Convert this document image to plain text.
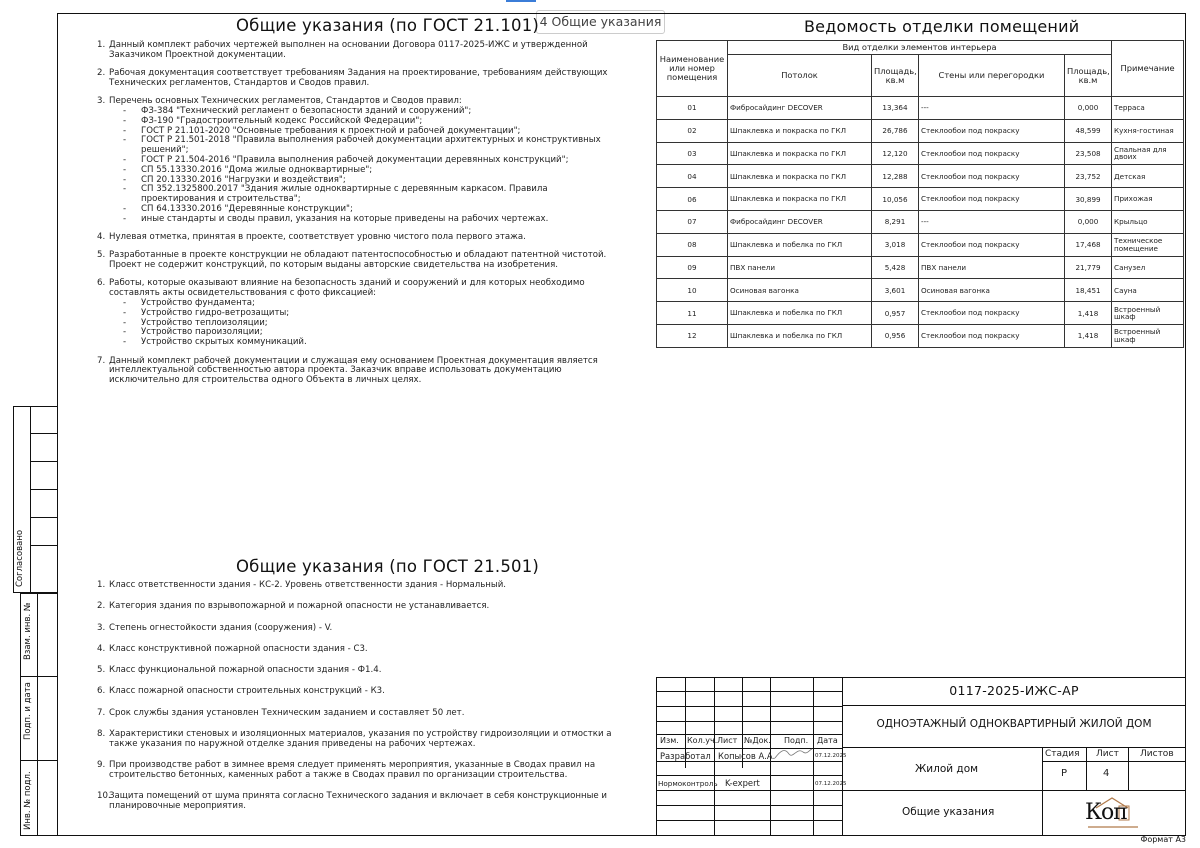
4 Общие указания
Общие указания (по ГОСТ 21.101)
1. Данный комплект рабочих чертежей выполнен на основании Договора 0117-2025-ИЖС и утвержденной Заказчиком Проектной документации.
2. Рабочая документация соответствует требованиям Задания на проектирование, требованиям действующих Технических регламентов, Стандартов и Сводов правил.
3. Перечень основных Технических регламентов, Стандартов и Сводов правил:
- ФЗ-384 "Технический регламент о безопасности зданий и сооружений";
- ФЗ-190 "Градостроительный кодекс Российской Федерации";
- ГОСТ Р 21.101-2020 "Основные требования к проектной и рабочей документации";
- ГОСТ Р 21.501-2018 "Правила выполнения рабочей документации архитектурных и конструктивных решений";
- ГОСТ Р 21.504-2016 "Правила выполнения рабочей документации деревянных конструкций";
- СП 55.13330.2016 "Дома жилые одноквартирные";
- СП 20.13330.2016 "Нагрузки и воздействия";
- СП 352.1325800.2017 "Здания жилые одноквартирные с деревянным каркасом. Правила проектирования и строительства";
- СП 64.13330.2016 "Деревянные конструкции";
- иные стандарты и своды правил, указания на которые приведены на рабочих чертежах.
4. Нулевая отметка, принятая в проекте, соответствует уровню чистого пола первого этажа.
5. Разработанные в проекте конструкции не обладают патентоспособностью и обладают патентной чистотой. Проект не содержит конструкций, по которым выданы авторские свидетельства на изобретения.
6. Работы, которые оказывают влияние на безопасность зданий и сооружений и для которых необходимо составлять акты освидетельствования с фото фиксацией:
- Устройство фундамента;
- Устройство гидро-ветрозащиты;
- Устройство теплоизоляции;
- Устройство пароизоляции;
- Устройство скрытых коммуникаций.
7. Данный комплект рабочей документации и служащая ему основанием Проектная документация является интеллектуальной собственностью автора проекта. Заказчик вправе использовать документацию исключительно для строительства одного Объекта в личных целях.
Общие указания (по ГОСТ 21.501)
1. Класс ответственности здания - КС-2. Уровень ответственности здания - Нормальный.
2. Категория здания по взрывопожарной и пожарной опасности не устанавливается.
3. Степень огнестойкости здания (сооружения) - V.
4. Класс конструктивной пожарной опасности здания - С3.
5. Класс функциональной пожарной опасности здания - Ф1.4.
6. Класс пожарной опасности строительных конструкций - К3.
7. Срок службы здания установлен Техническим заданием и составляет 50 лет.
8. Характеристики стеновых и изоляционных материалов, указания по устройству гидроизоляции и отмостки а также указания по наружной отделке здания приведены на рабочих чертежах.
9. При производстве работ в зимнее время следует применять мероприятия, указанные в Сводах правил на строительство бетонных, каменных работ а также в Сводах правил по организации строительства.
10.
Защита помещений от шума принята согласно Технического задания и включает в себя конструкционные и планировочные мероприятия.
Ведомость отделки помещений
Наименование или номер помещения	Вид отделки элементов интерьера				Примечание
	Потолок	Площадь, кв.м	Стены или перегородки	Площадь, кв.м	
01	Фибросайдинг DECOVER	13,364	---	0,000	Терраса
02	Шпаклевка и покраска по ГКЛ	26,786	Стеклообои под покраску	48,599	Кухня-гостиная
03	Шпаклевка и покраска по ГКЛ	12,120	Стеклообои под покраску	23,508	Спальная для двоих
04	Шпаклевка и покраска по ГКЛ	12,288	Стеклообои под покраску	23,752	Детская
06	Шпаклевка и покраска по ГКЛ	10,056	Стеклообои под покраску	30,899	Прихожая
07	Фибросайдинг DECOVER	8,291	---	0,000	Крыльцо
08	Шпаклевка и побелка по ГКЛ	3,018	Стеклообои под покраску	17,468	Техническое помещение
09	ПВХ панели	5,428	ПВХ панели	21,779	Санузел
10	Осиновая вагонка	3,601	Осиновая вагонка	18,451	Сауна
11	Шпаклевка и побелка по ГКЛ	0,957	Стеклообои под покраску	1,418	Встроенный шкаф
12	Шпаклевка и побелка по ГКЛ	0,956	Стеклообои под покраску	1,418	Встроенный шкаф
Согласовано
Взам. инв. №
Подп. и дата
Инв. № подл.
0117-2025-ИЖС-АР
ОДНОЭТАЖНЫЙ ОДНОКВАРТИРНЫЙ ЖИЛОЙ ДОМ
Жилой дом
Общие указания
Изм. Кол.уч. Лист №Док. Подп. Дата
Разработал Копысов А.А.	07.12.2025
Нормоконтроль K-expert	07.12.2025
Стадия Лист Листов
Р	4
Коп
Формат А3
